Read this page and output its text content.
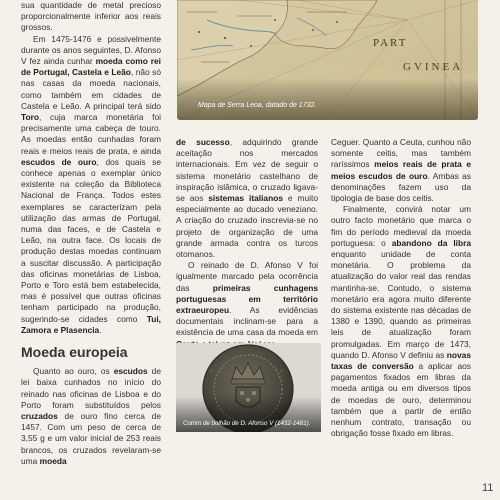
Mapa de Serra Leoa, datado de 1732.

sua quantidade de metal precioso proporcionalmente inferior aos reais grossos.

Em 1475-1476 e possivelmente durante os anos seguintes, D. Afonso V fez ainda cunhar moeda como rei de Portugal, Castela e Leão, não só nas casas da moeda nacionais, como também em cidades de Castela e Leão. A principal terá sido Toro, cuja marca monetária foi precisamente uma cabeça de touro. As moedas então cunhadas foram reais e meios reais de prata, e ainda escudos de ouro, dos quais se conhece apenas o exemplar único existente na coleção da Biblioteca Nacional de França. Todos estes exemplares se caracterizam pela utilização das armas de Portugal, numa das faces, e de Castela e Leão, na outra face. Os locais de produção destas moedas continuam a suscitar discussão. A participação das oficinas monetárias de Lisboa, Porto e Toro está bem estabelecida, mas é possível que outras oficinas tenham participado na produção, sugerindo-se cidades como Tui, Zamora e Plasencia.

Moeda europeia

Quanto ao ouro, os escudos de lei baixa cunhados no início do reinado nas oficinas de Lisboa e do Porto foram substituídos pelos cruzados de ouro fino cerca de 1457. Com um peso de cerca de 3,55 g e um valor inicial de 253 reais brancos, os cruzados revelaram-se uma moeda

de sucesso, adquirindo grande aceitação nos mercados internacionais. Em vez de seguir o sistema monetário castelhano de inspiração islâmica, o cruzado ligava-se aos sistemas italianos e muito especialmente ao ducado veneziano. A criação do cruzado inscrevia-se no projeto de organização de uma grande armada contra os turcos otomanos.

O reinado de D. Afonso V foi igualmente marcado pela ocorrência das primeiras cunhagens portuguesas em território extraeuropeu. As evidências documentais inclinam-se para a existência de uma casa da moeda em

Cotrim de bolhão de D. Afonso V (1432-1481).

Ceguer. Quanto a Ceuta, cunhou não somente ceitis, mas também raríssimos meios reais de prata e meios escudos de ouro. Ambas as denominações fazem uso da tipologia de base dos ceitis.

Finalmente, convirá notar um outro facto monetário que marca o fim do período medieval da moeda portuguesa: o abandono da libra enquanto unidade de conta monetária. O problema da atualização do valor real das rendas mantinha-se. Contudo, o sistema monetário era agora muito diferente do sistema existente nas décadas de 1380 e 1390, quando as primeiras leis de atualização foram promulgadas. Em março de 1473, quando D. Afonso V definiu as novas taxas de conversão a aplicar aos pagamentos fixados em libras da moeda antiga ou em diversos tipos de moedas de ouro, determinou também que a partir de então nenhum contrato, transação ou obrigação fosse fixado em libras.

11
